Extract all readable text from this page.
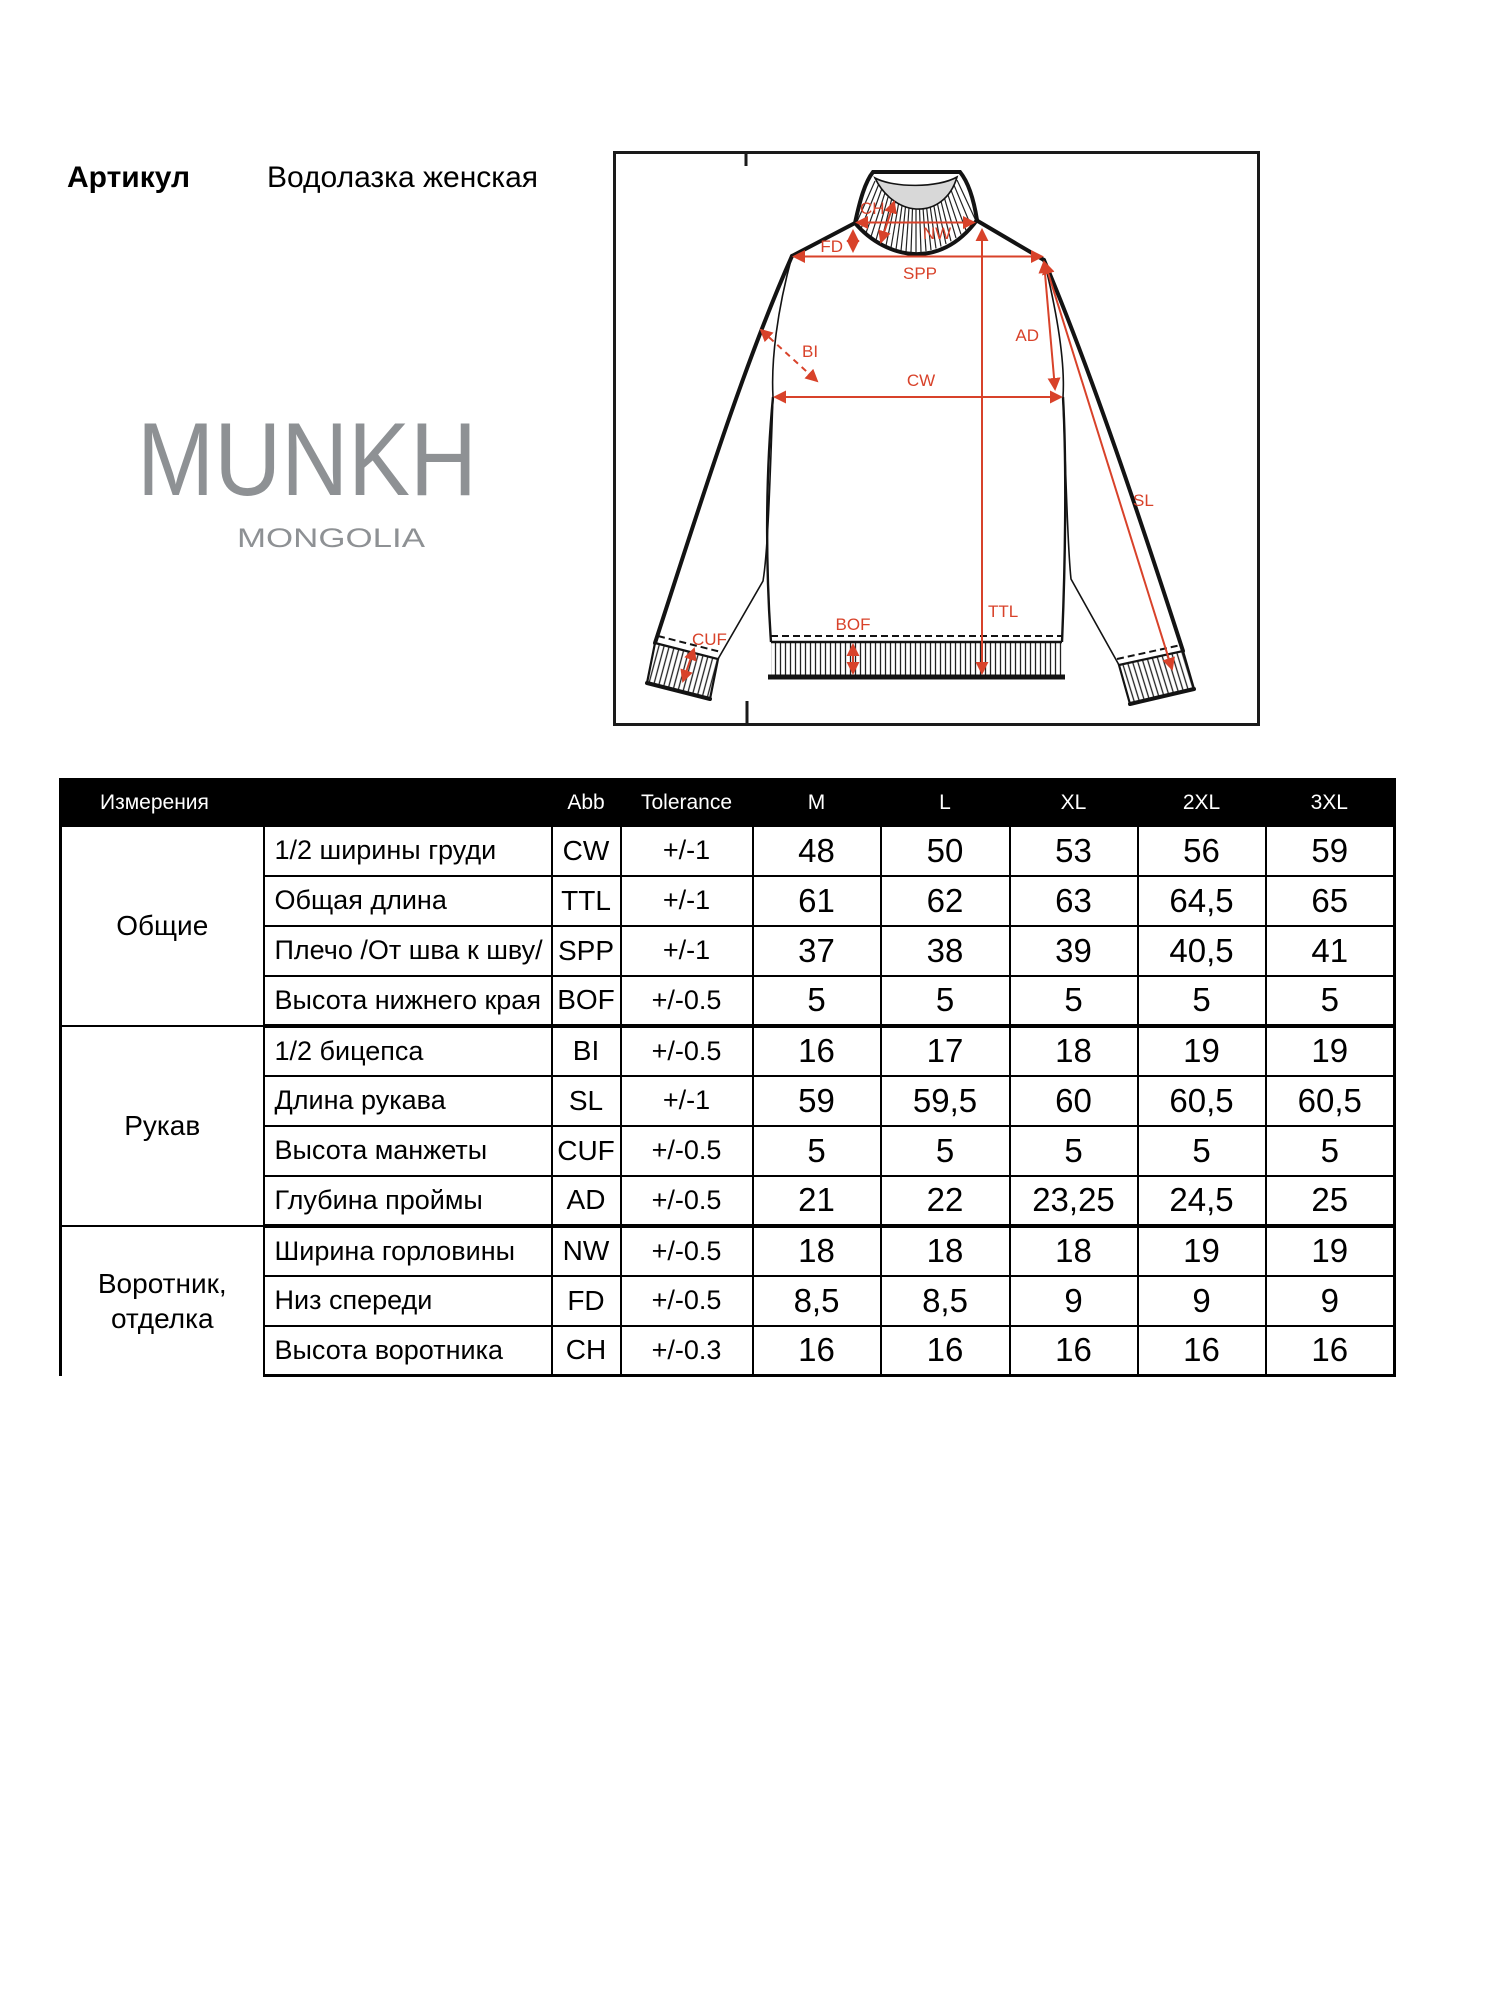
Артикул	Водолазка женская
MUNKH
MONGOLIA
CH
NW
FD
SPP
TTL
CW
BI
AD
SL
CUF
BOF
Измерения		Abb	Tolerance	M	L	XL	2XL	3XL
Общие	1/2 ширины груди	CW	+/-1	48	50	53	56	59
	Общая длина	TTL	+/-1	61	62	63	64,5	65
	Плечо /От шва к шву/	SPP	+/-1	37	38	39	40,5	41
	Высота нижнего края	BOF	+/-0.5	5	5	5	5	5
Рукав	1/2 бицепса	BI	+/-0.5	16	17	18	19	19
	Длина рукава	SL	+/-1	59	59,5	60	60,5	60,5
	Высота манжеты	CUF	+/-0.5	5	5	5	5	5
	Глубина проймы	AD	+/-0.5	21	22	23,25	24,5	25
Воротник, отделка	Ширина горловины	NW	+/-0.5	18	18	18	19	19
	Низ спереди	FD	+/-0.5	8,5	8,5	9	9	9
	Высота воротника	CH	+/-0.3	16	16	16	16	16
